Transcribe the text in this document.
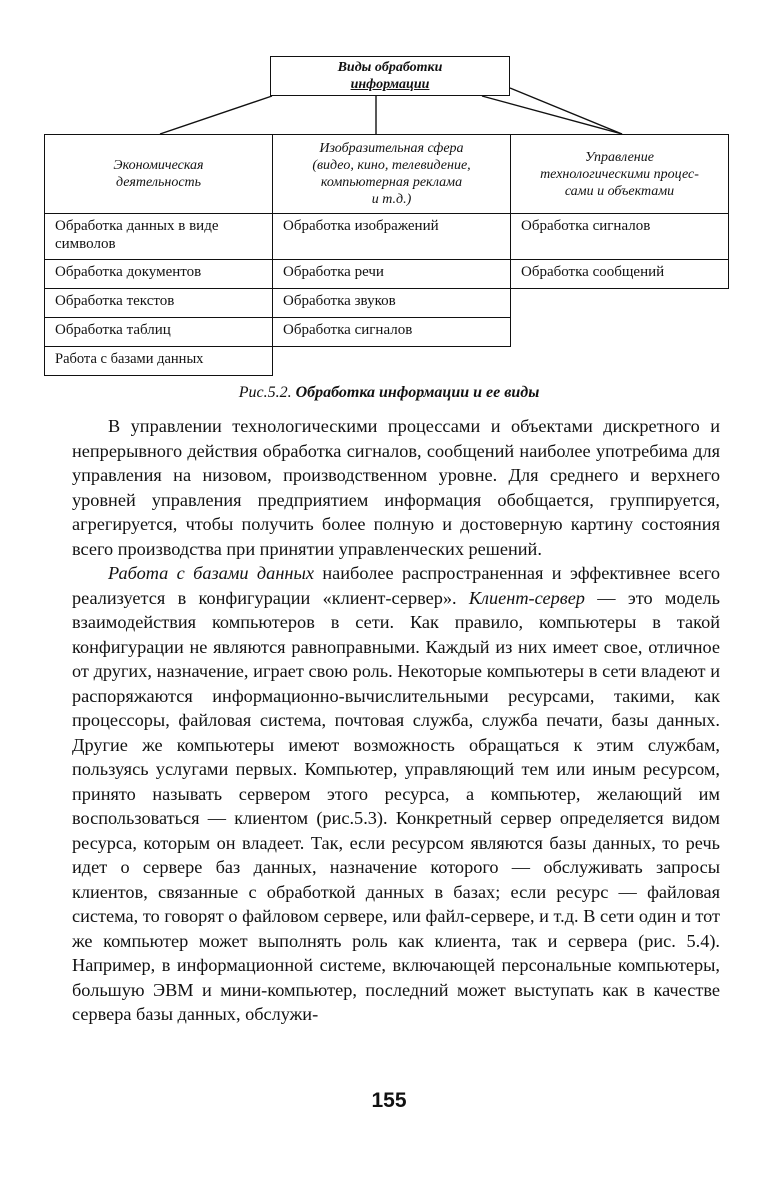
Виды обработки
информации
Экономическая
деятельность
Обработка данных в виде символов
Обработка документов
Обработка текстов
Обработка таблиц
Работа с базами данных
Изобразительная сфера
(видео, кино, телевидение,
компьютерная реклама
и т.д.)
Обработка изображений
Обработка речи
Обработка звуков
Обработка сигналов
Управление
технологическими процес-
сами и объектами
Обработка сигналов
Обработка сообщений
Рис.5.2. Обработка информации и ее виды

В управлении технологическими процессами и объектами дискретного и непрерывного действия обработка сигналов, сообщений наиболее употребима для управления на низовом, производственном уровне. Для среднего и верхнего уровней управления предприятием информация обобщается, группируется, агрегируется, чтобы получить более полную и достоверную картину состояния всего производства при принятии управленческих решений.

Работа с базами данных наиболее распространенная и эффективнее всего реализуется в конфигурации «клиент-сервер». Клиент-сервер — это модель взаимодействия компьютеров в сети. Как правило, компьютеры в такой конфигурации не являются равноправными. Каждый из них имеет свое, отличное от других, назначение, играет свою роль. Некоторые компьютеры в сети владеют и распоряжаются информационно-вычислительными ресурсами, такими, как процессоры, файловая система, почтовая служба, служба печати, базы данных. Другие же компьютеры имеют возможность обращаться к этим службам, пользуясь услугами первых. Компьютер, управляющий тем или иным ресурсом, принято называть сервером этого ресурса, а компьютер, желающий им воспользоваться — клиентом (рис.5.3). Конкретный сервер определяется видом ресурса, которым он владеет. Так, если ресурсом являются базы данных, то речь идет о сервере баз данных, назначение которого — обслуживать запросы клиентов, связанные с обработкой данных в базах; если ресурс — файловая система, то говорят о файловом сервере, или файл-сервере, и т.д. В сети один и тот же компьютер может выполнять роль как клиента, так и сервера (рис. 5.4). Например, в информационной системе, включающей персональные компьютеры, большую ЭВМ и мини-компьютер, последний может выступать как в качестве сервера базы данных, обслужи-

155
